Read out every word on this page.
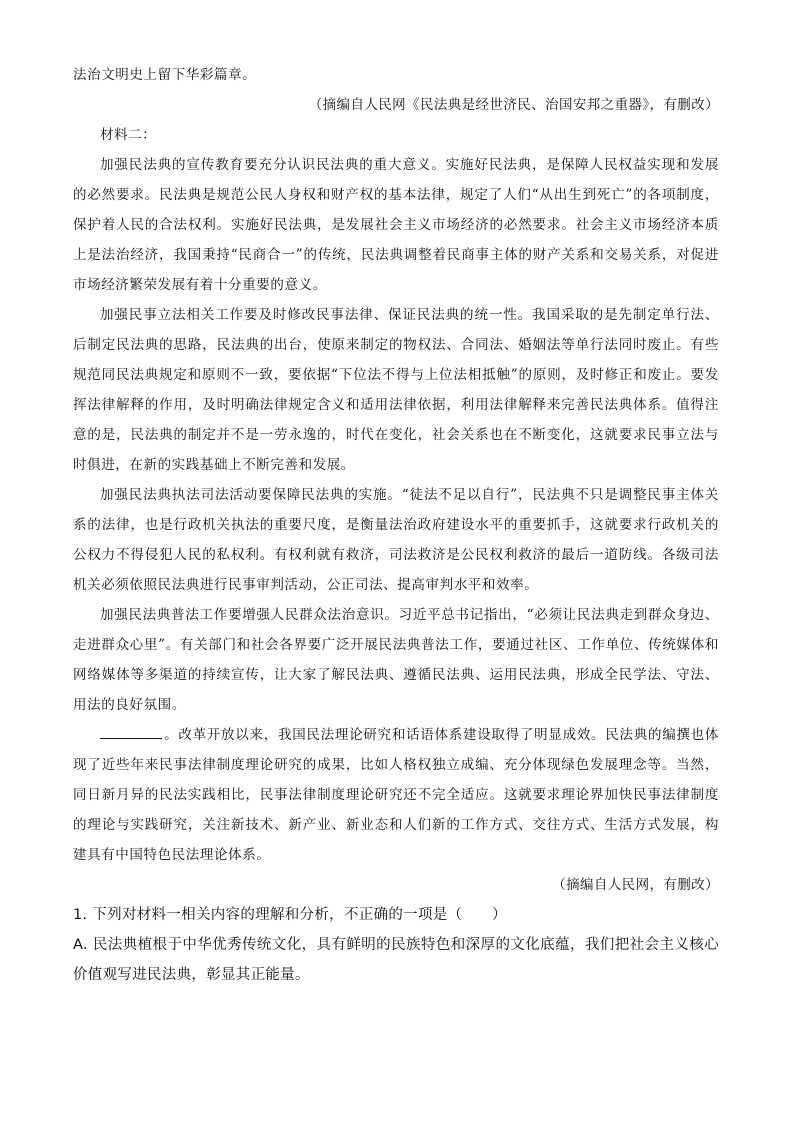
法治文明史上留下华彩篇章。

（摘编自人民网《民法典是经世济民、治国安邦之重器》，有删改）

材料二：

加强民法典的宣传教育要充分认识民法典的重大意义。实施好民法典，是保障人民权益实现和发展的必然要求。民法典是规范公民人身权和财产权的基本法律，规定了人们“从出生到死亡”的各项制度，保护着人民的合法权利。实施好民法典，是发展社会主义市场经济的必然要求。社会主义市场经济本质上是法治经济，我国秉持“民商合一”的传统，民法典调整着民商事主体的财产关系和交易关系，对促进市场经济繁荣发展有着十分重要的意义。

加强民事立法相关工作要及时修改民事法律、保证民法典的统一性。我国采取的是先制定单行法、后制定民法典的思路，民法典的出台，使原来制定的物权法、合同法、婚姻法等单行法同时废止。有些规范同民法典规定和原则不一致，要依据“下位法不得与上位法相抵触”的原则，及时修正和废止。要发挥法律解释的作用，及时明确法律规定含义和适用法律依据，利用法律解释来完善民法典体系。值得注意的是，民法典的制定并不是一劳永逸的，时代在变化，社会关系也在不断变化，这就要求民事立法与时俱进，在新的实践基础上不断完善和发展。

加强民法典执法司法活动要保障民法典的实施。“徒法不足以自行”，民法典不只是调整民事主体关系的法律，也是行政机关执法的重要尺度，是衡量法治政府建设水平的重要抓手，这就要求行政机关的公权力不得侵犯人民的私权利。有权利就有救济，司法救济是公民权利救济的最后一道防线。各级司法机关必须依照民法典进行民事审判活动，公正司法、提高审判水平和效率。

加强民法典普法工作要增强人民群众法治意识。习近平总书记指出，“必须让民法典走到群众身边、走进群众心里”。有关部门和社会各界要广泛开展民法典普法工作，要通过社区、工作单位、传统媒体和网络媒体等多渠道的持续宣传，让大家了解民法典、遵循民法典、运用民法典，形成全民学法、守法、用法的良好氛围。

。改革开放以来，我国民法理论研究和话语体系建设取得了明显成效。民法典的编撰也体现了近些年来民事法律制度理论研究的成果，比如人格权独立成编、充分体现绿色发展理念等。当然，同日新月异的民法实践相比，民事法律制度理论研究还不完全适应。这就要求理论界加快民事法律制度的理论与实践研究，关注新技术、新产业、新业态和人们新的工作方式、交往方式、生活方式发展，构建具有中国特色民法理论体系。

（摘编自人民网，有删改）

1. 下列对材料一相关内容的理解和分析，不正确的一项是（　　）

A. 民法典植根于中华优秀传统文化，具有鲜明的民族特色和深厚的文化底蕴，我们把社会主义核心价值观写进民法典，彰显其正能量。
